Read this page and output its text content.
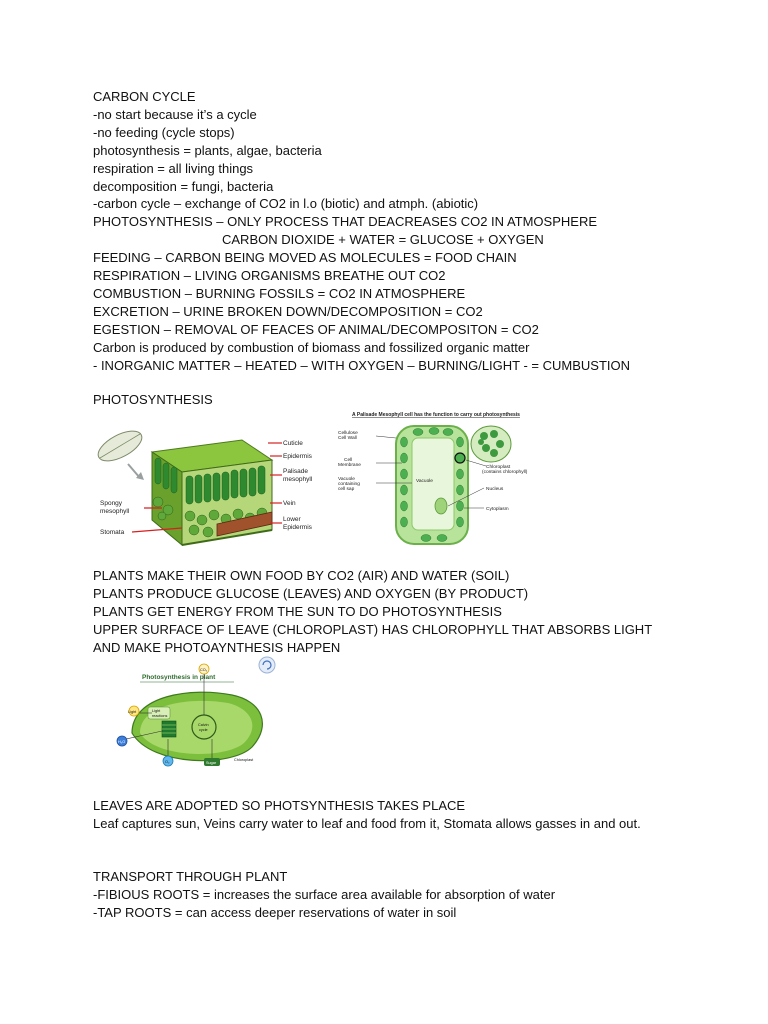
CARBON CYCLE
-no start because it’s a cycle
-no feeding (cycle stops)
photosynthesis = plants, algae, bacteria
respiration = all living things
decomposition = fungi, bacteria
-carbon cycle – exchange of CO2 in l.o (biotic) and atmph. (abiotic)
PHOTOSYNTHESIS – ONLY PROCESS THAT DEACREASES CO2 IN ATMOSPHERE
CARBON DIOXIDE + WATER = GLUCOSE + OXYGEN
FEEDING – CARBON BEING MOVED AS MOLECULES = FOOD CHAIN
RESPIRATION – LIVING ORGANISMS BREATHE OUT CO2
COMBUSTION – BURNING FOSSILS = CO2 IN ATMOSPHERE
EXCRETION – URINE BROKEN DOWN/DECOMPOSITION = CO2
EGESTION – REMOVAL OF FEACES OF ANIMAL/DECOMPOSITON = CO2
Carbon is produced by combustion of biomass and fossilized organic matter
- INORGANIC MATTER – HEATED – WITH OXYGEN – BURNING/LIGHT - = CUMBUSTION
PHOTOSYNTHESIS
Cuticle
Epidermis
Palisade
mesophyll
Vein
Lower
Epidermis
Spongy
mesophyll
Stomata
A Palisade Mesophyll cell has the function to carry out photosynthesis
Cellulose
Cell Wall
Cell
Membrane
Vacuole
containing
cell sap
Vacuole
Chloroplast
(contains chlorophyll)
Nucleus
Cytoplasm
PLANTS MAKE THEIR OWN FOOD BY CO2 (AIR) AND WATER (SOIL)
PLANTS PRODUCE GLUCOSE (LEAVES) AND OXYGEN (BY PRODUCT)
PLANTS GET ENERGY FROM THE SUN TO DO PHOTOSYNTHESIS
UPPER SURFACE OF LEAVE (CHLOROPLAST) HAS CHLOROPHYLL THAT ABSORBS LIGHT AND MAKE PHOTOAYNTHESIS HAPPEN
Photosynthesis in plant
CO₂
Light	Light
reactions
Calvin
cycle
H₂O
O₂	Sugar
Chloroplast
LEAVES ARE ADOPTED SO PHOTSYNTHESIS TAKES PLACE
Leaf captures sun, Veins carry water to leaf and food from it, Stomata allows gasses in and out.
TRANSPORT THROUGH PLANT
-FIBIOUS ROOTS = increases the surface area available for absorption of water
-TAP ROOTS = can access deeper reservations of water in soil
